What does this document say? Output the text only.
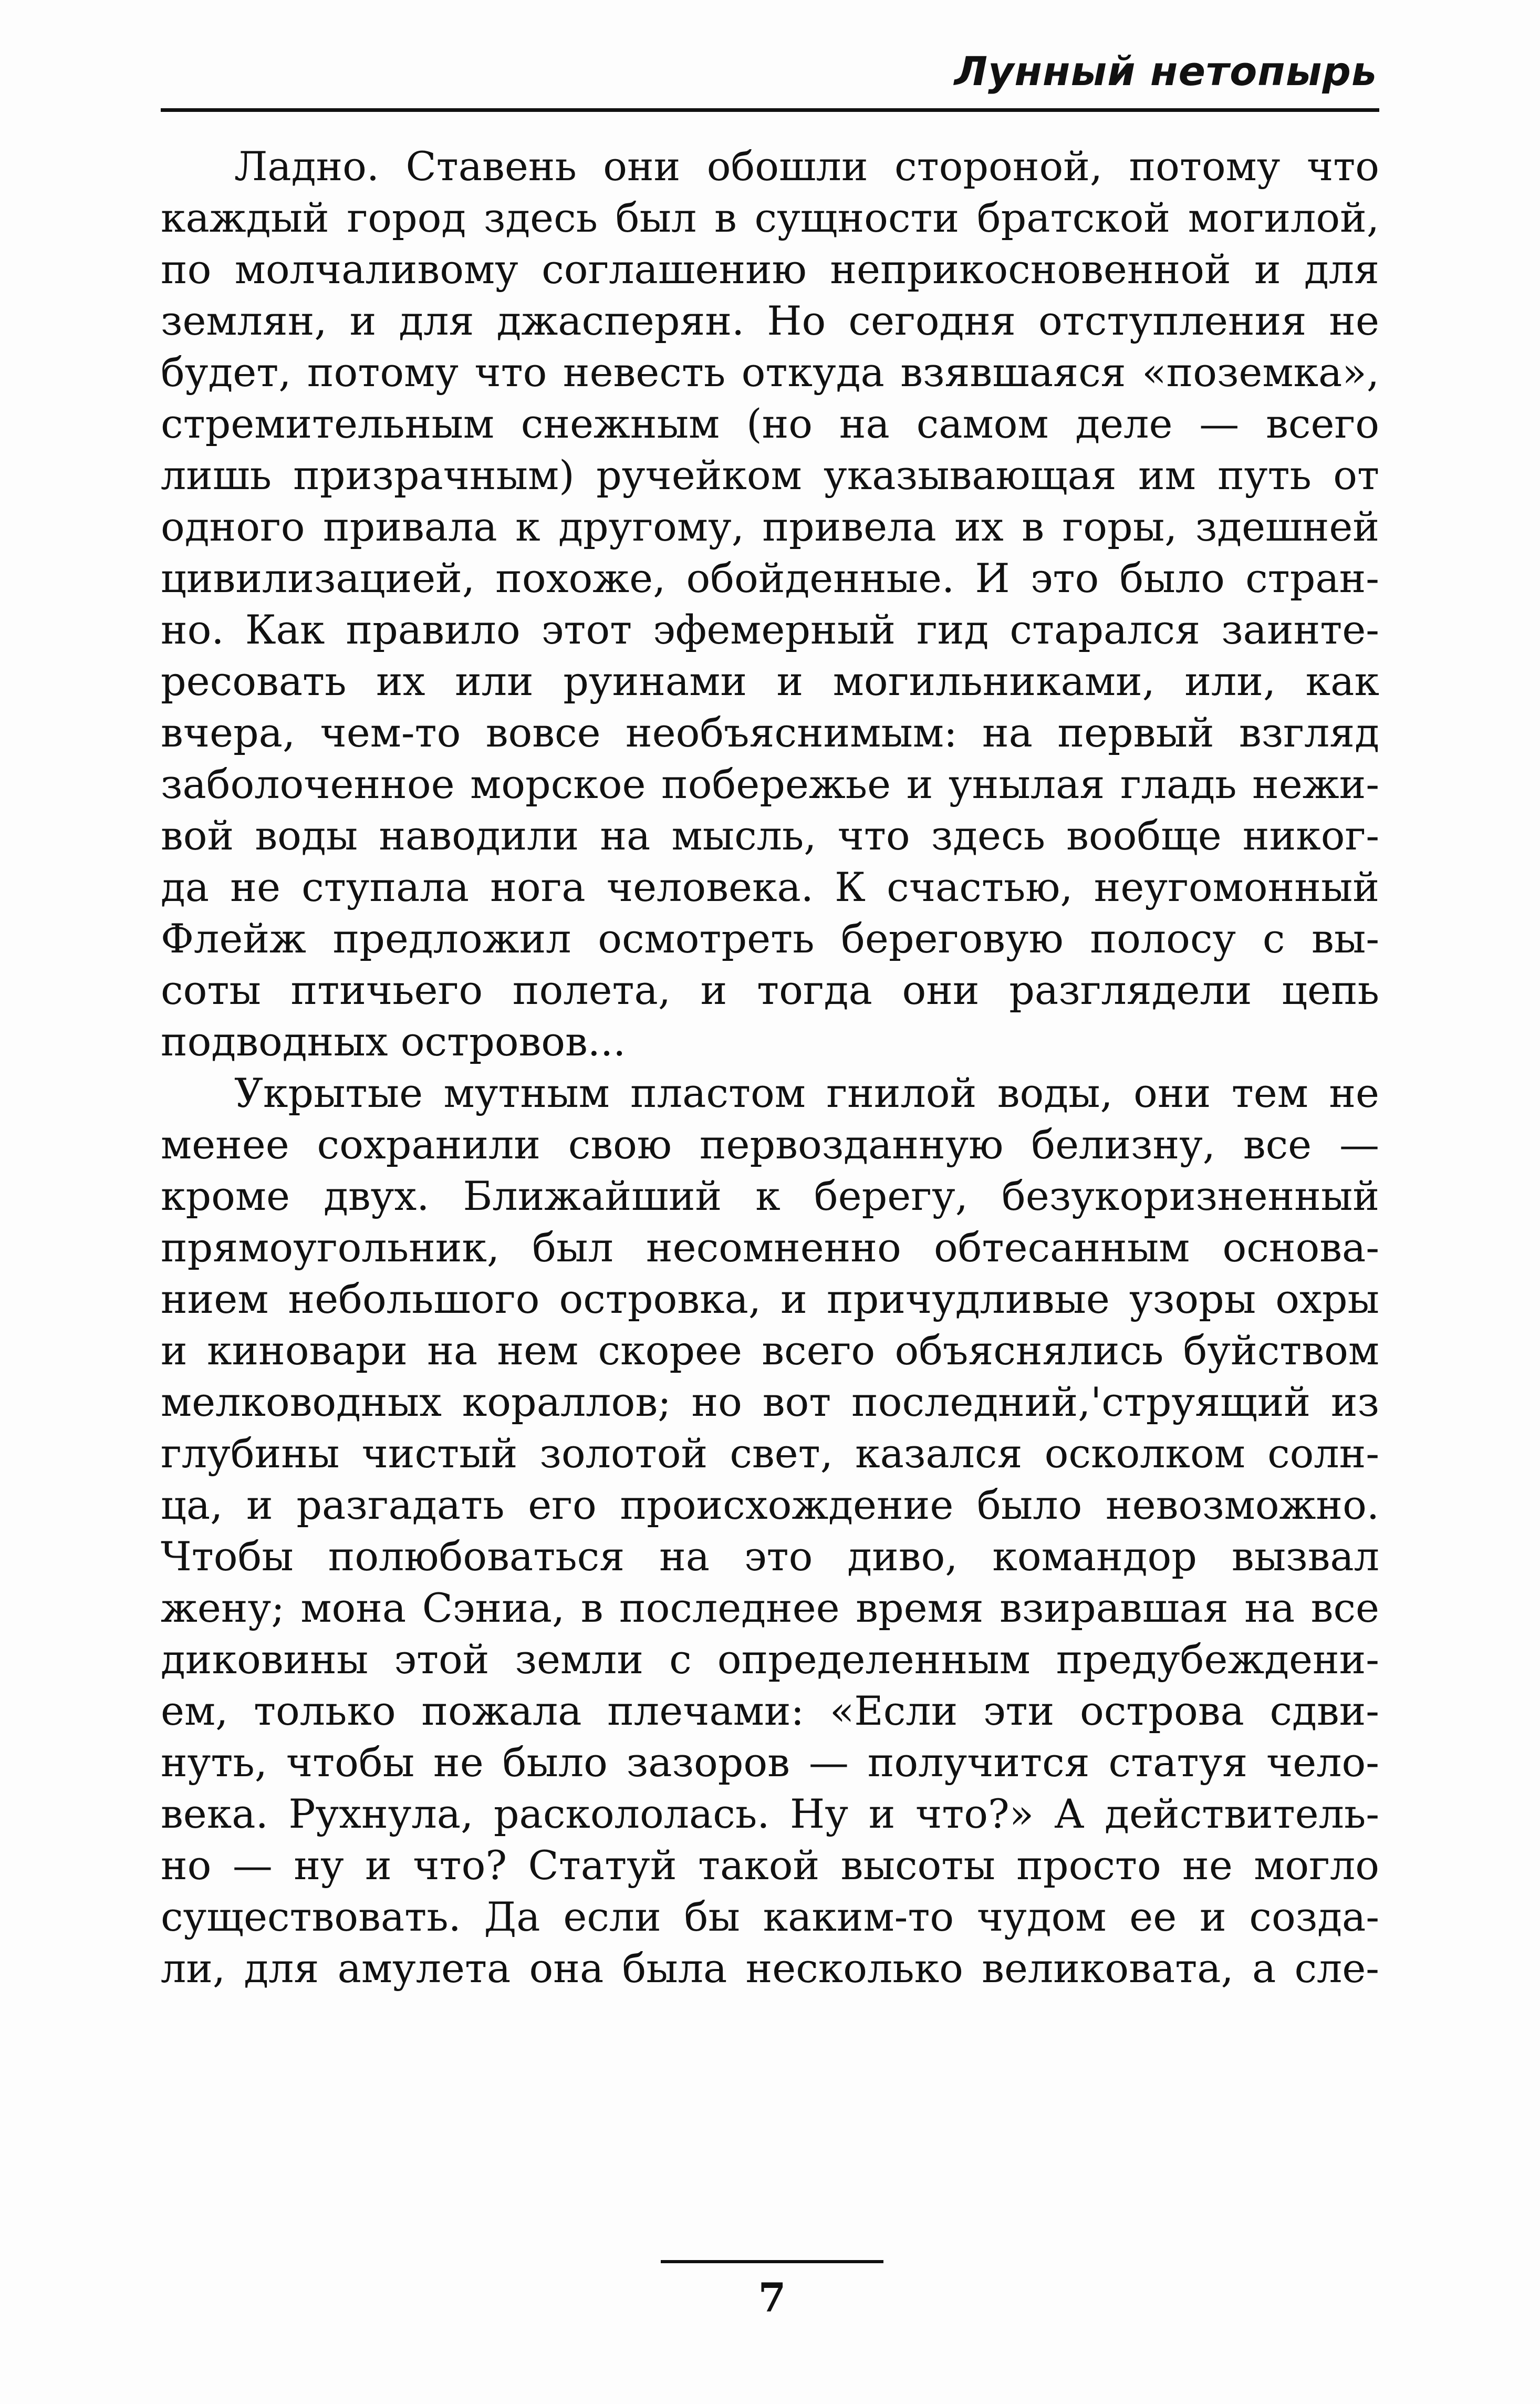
Лунный нетопырь
Ладно. Ставень они обошли стороной, потому что
каждый город здесь был в сущности братской могилой,
по молчаливому соглашению неприкосновенной и для
землян, и для джасперян. Но сегодня отступления не
будет, потому что невесть откуда взявшаяся «поземка»,
стремительным снежным (но на самом деле — всего
лишь призрачным) ручейком указывающая им путь от
одного привала к другому, привела их в горы, здешней
цивилизацией, похоже, обойденные. И это было стран-
но. Как правило этот эфемерный гид старался заинте-
ресовать их или руинами и могильниками, или, как
вчера, чем-то вовсе необъяснимым: на первый взгляд
заболоченное морское побережье и унылая гладь нежи-
вой воды наводили на мысль, что здесь вообще никог-
да не ступала нога человека. К счастью, неугомонный
Флейж предложил осмотреть береговую полосу с вы-
соты птичьего полета, и тогда они разглядели цепь
подводных островов...
Укрытые мутным пластом гнилой воды, они тем не
менее сохранили свою первозданную белизну, все —
кроме двух. Ближайший к берегу, безукоризненный
прямоугольник, был несомненно обтесанным основа-
нием небольшого островка, и причудливые узоры охры
и киновари на нем скорее всего объяснялись буйством
мелководных кораллов; но вот последний,'струящий из
глубины чистый золотой свет, казался осколком солн-
ца, и разгадать его происхождение было невозможно.
Чтобы полюбоваться на это диво, командор вызвал
жену; мона Сэниа, в последнее время взиравшая на все
диковины этой земли с определенным предубеждени-
ем, только пожала плечами: «Если эти острова сдви-
нуть, чтобы не было зазоров — получится статуя чело-
века. Рухнула, раскололась. Ну и что?» А действитель-
но — ну и что? Статуй такой высоты просто не могло
существовать. Да если бы каким-то чудом ее и созда-
ли, для амулета она была несколько великовата, а сле-
7
